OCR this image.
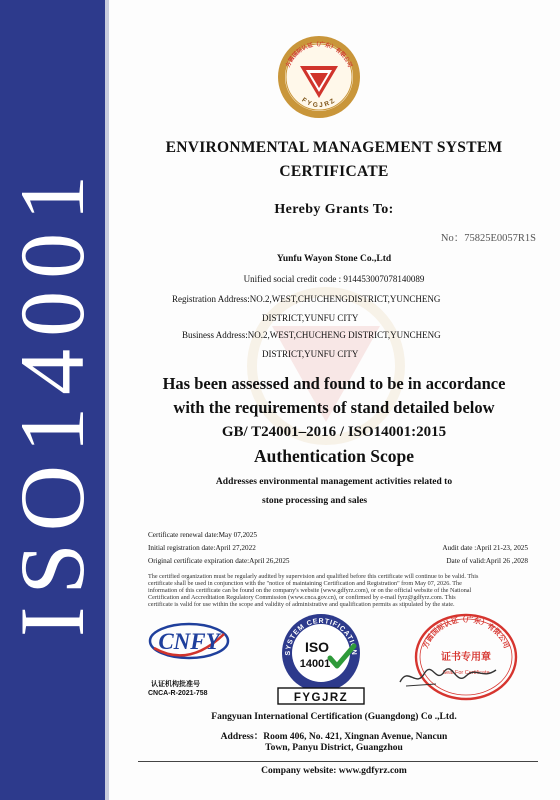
ISO14001
方圆国际认证（广东）有限公司
FYGJRZ
ENVIRONMENTAL MANAGEMENT SYSTEM
CERTIFICATE
Hereby Grants To:
No：75825E0057R1S
Yunfu Wayon Stone Co.,Ltd
Unified social credit code : 914453007078140089
Registration Address:NO.2,WEST,CHUCHENGDISTRICT,YUNCHENG
DISTRICT,YUNFU CITY
Business Address:NO.2,WEST,CHUCHENG DISTRICT,YUNCHENG
DISTRICT,YUNFU CITY
Has been assessed and found to be in accordance
with the requirements of stand detailed below
GB/ T24001–2016 / ISO14001:2015
Authentication Scope
Addresses environmental management activities related to
stone processing and sales
Certificate renewal date:May 07,2025
Initial registration date:April 27,2022
Original certificate expiration date:April 26,2025
Audit date :April 21-23, 2025
Date of valid:April 26 ,2028
The certified organization must be regularly audited by supervision and qualified before this certificate will continue to be valid. This
certificate shall be used in conjunction with the "notice of maintaining Certification and Registration" from May 07, 2026. The
information of this certificate can be found on the company's website (www.gdfyrz.com), or on the official website of the National
Certification and Accreditation Regulatory Commission (www.cnca.gov.cn), or confirmed by e-mail fyrz@gdfyrz.com. This
certificate is valid for use within the scope and validity of administrative and qualification permits as stipulated by the state.
CNFY
认证机构批准号
CNCA-R-2021-758
SYSTEM CERTIFICATION
ISO
14001
FYGJRZ
方圆国际认证（广东）有限公司
证书专用章
Seal For Certificate
Fangyuan International Certification (Guangdong) Co .,Ltd.
Address：Room 406, No. 421, Xingnan Avenue, Nancun
Town, Panyu District, Guangzhou
Company website: www.gdfyrz.com
